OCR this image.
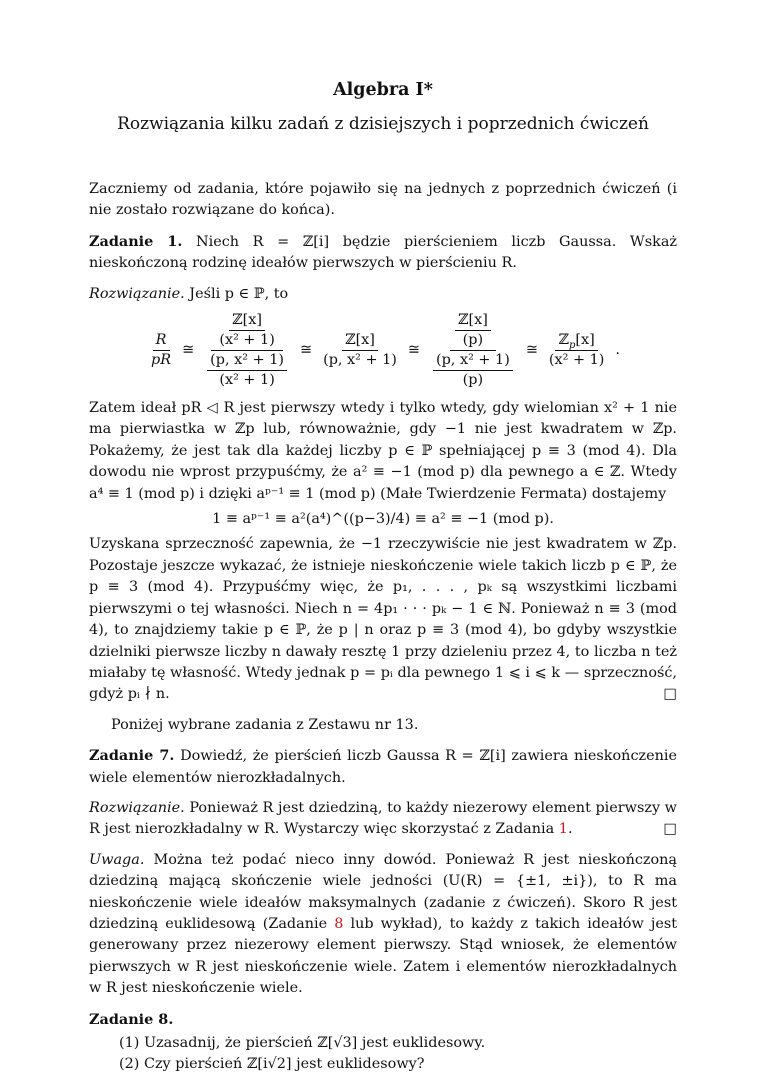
Algebra I*
Rozwiązania kilku zadań z dzisiejszych i poprzednich ćwiczeń

Zaczniemy od zadania, które pojawiło się na jednych z poprzednich ćwiczeń (i nie zostało rozwiązane do końca).

Zadanie 1. Niech R = ℤ[i] będzie pierścieniem liczb Gaussa. Wskaż nieskończoną rodzinę ideałów pierwszych w pierścieniu R.

Rozwiązanie. Jeśli p ∈ ℙ, to

$\frac{R}{pR}$ ≅ $\frac{\frac{\text{ℤ[x]}}{\text{(x² + 1)}}}{\frac{\text{(p, x² + 1)}}{\text{(x² + 1)}}}$ ≅ $\frac{\text{ℤ[x]}}{\text{(p, x² + 1)}}$ ≅ $\frac{\frac{\text{ℤ[x]}}{(p)}}{\frac{\text{(p, x² + 1)}}{(p)}}$ ≅ $\frac{ℤ_p[x]}{\text{(x² + 1)}}$ .

Zatem ideał pR ◁ R jest pierwszy wtedy i tylko wtedy, gdy wielomian x² + 1 nie ma pierwiastka w ℤp lub, równoważnie, gdy −1 nie jest kwadratem w ℤp. Pokażemy, że jest tak dla każdej liczby p ∈ ℙ spełniającej p ≡ 3 (mod 4). Dla dowodu nie wprost przypuśćmy, że a² ≡ −1 (mod p) dla pewnego a ∈ ℤ. Wtedy a⁴ ≡ 1 (mod p) i dzięki aᵖ⁻¹ ≡ 1 (mod p) (Małe Twierdzenie Fermata) dostajemy

1 ≡ aᵖ⁻¹ ≡ a²(a⁴)^((p−3)/4) ≡ a² ≡ −1 (mod p).

Uzyskana sprzeczność zapewnia, że −1 rzeczywiście nie jest kwadratem w ℤp. Pozostaje jeszcze wykazać, że istnieje nieskończenie wiele takich liczb p ∈ ℙ, że p ≡ 3 (mod 4). Przypuśćmy więc, że p₁, . . . , pₖ są wszystkimi liczbami pierwszymi o tej własności. Niech n = 4p₁ · · · pₖ − 1 ∈ ℕ. Ponieważ n ≡ 3 (mod 4), to znajdziemy takie p ∈ ℙ, że p | n oraz p ≡ 3 (mod 4), bo gdyby wszystkie dzielniki pierwsze liczby n dawały resztę 1 przy dzieleniu przez 4, to liczba n też miałaby tę własność. Wtedy jednak p = pᵢ dla pewnego 1 ⩽ i ⩽ k — sprzeczność, gdyż pᵢ ∤ n.	□

Poniżej wybrane zadania z Zestawu nr 13.

Zadanie 7. Dowiedź, że pierścień liczb Gaussa R = ℤ[i] zawiera nieskończenie wiele elementów nierozkładalnych.

Rozwiązanie. Ponieważ R jest dziedziną, to każdy niezerowy element pierwszy w R jest nierozkładalny w R. Wystarczy więc skorzystać z Zadania 1.	□

Uwaga. Można też podać nieco inny dowód. Ponieważ R jest nieskończoną dziedziną mającą skończenie wiele jedności (U(R) = {±1, ±i}), to R ma nieskończenie wiele ideałów maksymalnych (zadanie z ćwiczeń). Skoro R jest dziedziną euklidesową (Zadanie 8 lub wykład), to każdy z takich ideałów jest generowany przez niezerowy element pierwszy. Stąd wniosek, że elementów pierwszych w R jest nieskończenie wiele. Zatem i elementów nierozkładalnych w R jest nieskończenie wiele.

Zadanie 8.

(1) Uzasadnij, że pierścień ℤ[√3] jest euklidesowy.
(2) Czy pierścień ℤ[i√2] jest euklidesowy?
